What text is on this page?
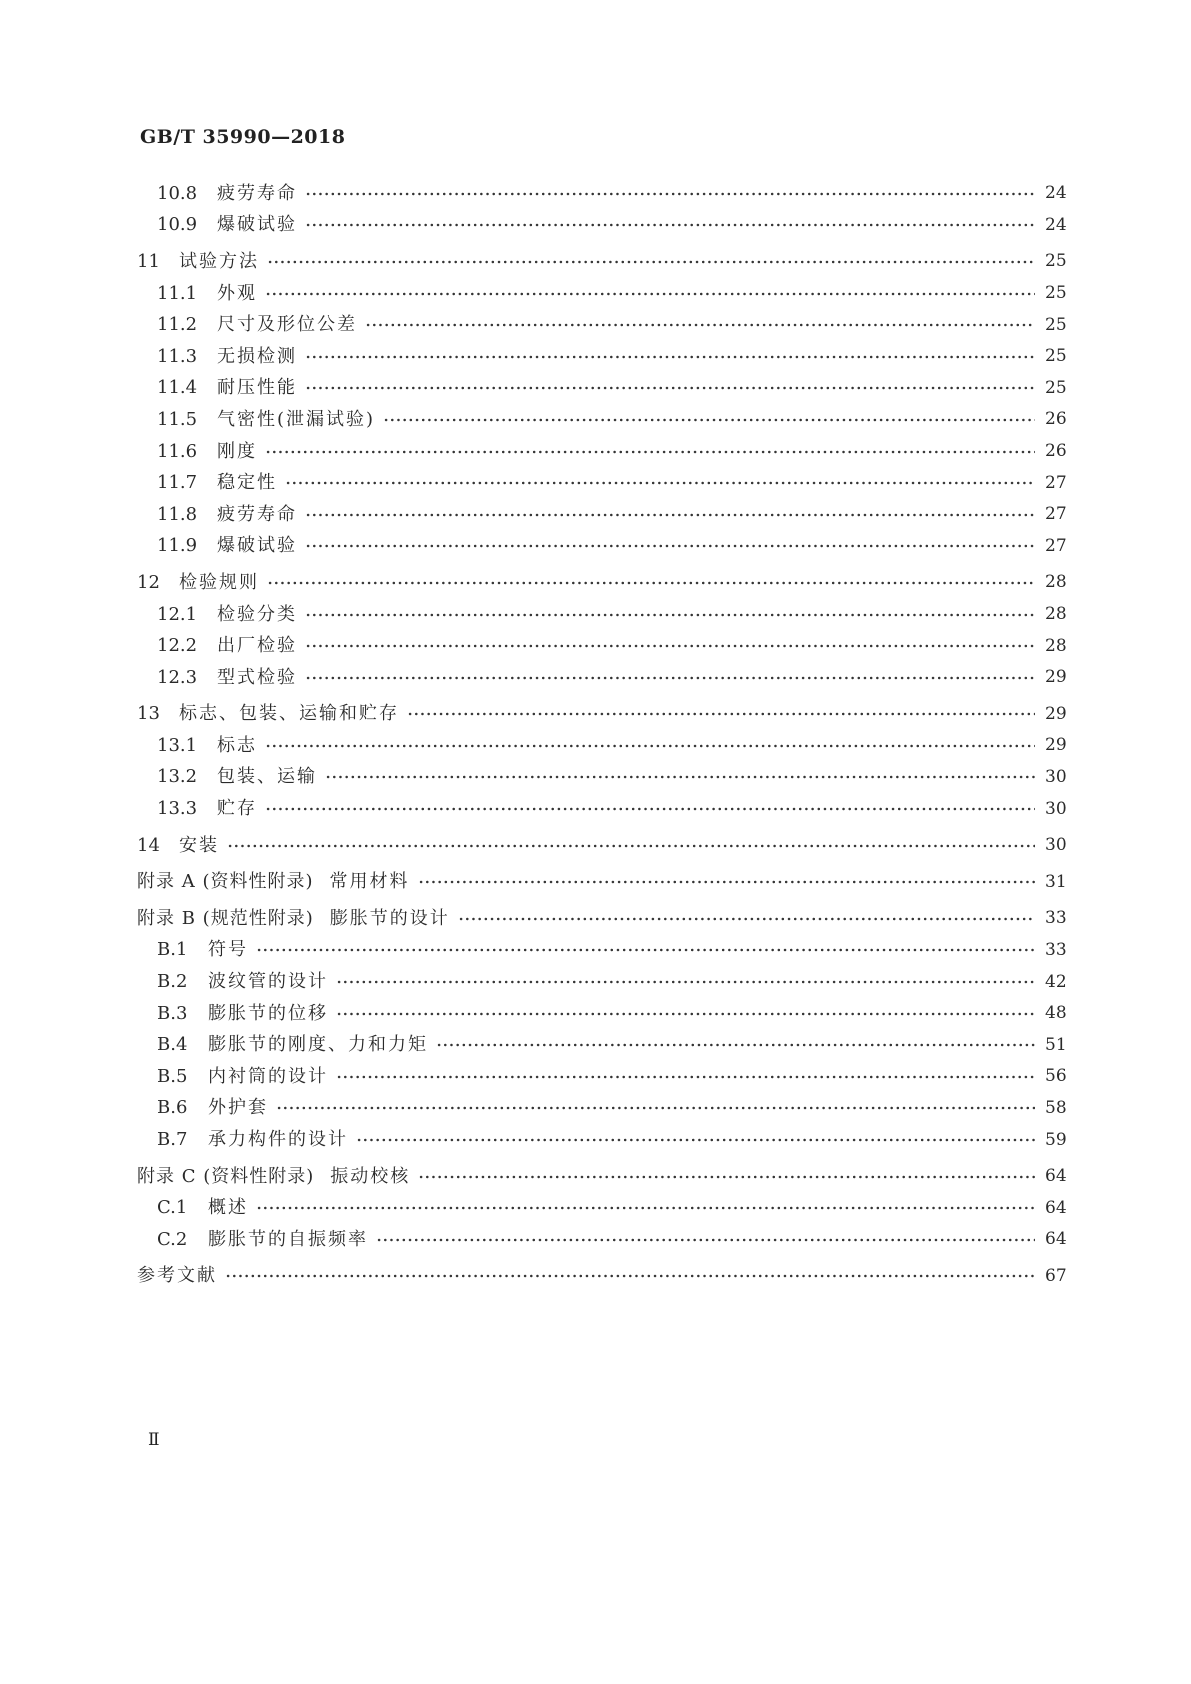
GB/T 35990—2018
10.8	疲劳寿命	24
10.9	爆破试验	24
11	试验方法	25
11.1	外观	25
11.2	尺寸及形位公差	25
11.3	无损检测	25
11.4	耐压性能	25
11.5	气密性(泄漏试验)	26
11.6	刚度	26
11.7	稳定性	27
11.8	疲劳寿命	27
11.9	爆破试验	27
12	检验规则	28
12.1	检验分类	28
12.2	出厂检验	28
12.3	型式检验	29
13	标志、包装、运输和贮存	29
13.1	标志	29
13.2	包装、运输	30
13.3	贮存	30
14	安装	30
附录 A (资料性附录) 常用材料	31
附录 B (规范性附录) 膨胀节的设计	33
B.1	符号	33
B.2	波纹管的设计	42
B.3	膨胀节的位移	48
B.4	膨胀节的刚度、力和力矩	51
B.5	内衬筒的设计	56
B.6	外护套	58
B.7	承力构件的设计	59
附录 C (资料性附录) 振动校核	64
C.1	概述	64
C.2	膨胀节的自振频率	64
参考文献	67
Ⅱ
